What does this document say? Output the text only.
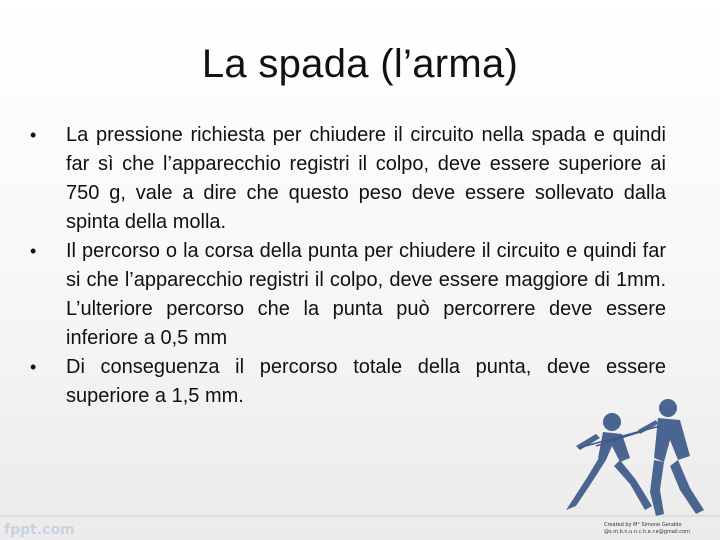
La spada (l’arma)
•	La pressione richiesta per chiudere il circuito nella spada e quindi far sì che l’apparecchio registri il colpo, deve essere superiore ai 750 g, vale a dire che questo peso deve essere sollevato dalla spinta della molla.
•	Il percorso o la corsa della punta per chiudere il circuito e quindi far si che l’apparecchio registri il colpo, deve essere maggiore di 1mm. L’ulteriore percorso che la punta può percorrere deve essere inferiore a 0,5 mm
•	Di conseguenza il percorso totale della punta, deve essere superiore a 1,5 mm.
fppt.com	Created by M° Simone Geraldo
@s.m.b.n.u.n.c.h.e.r.e@gmail.com
